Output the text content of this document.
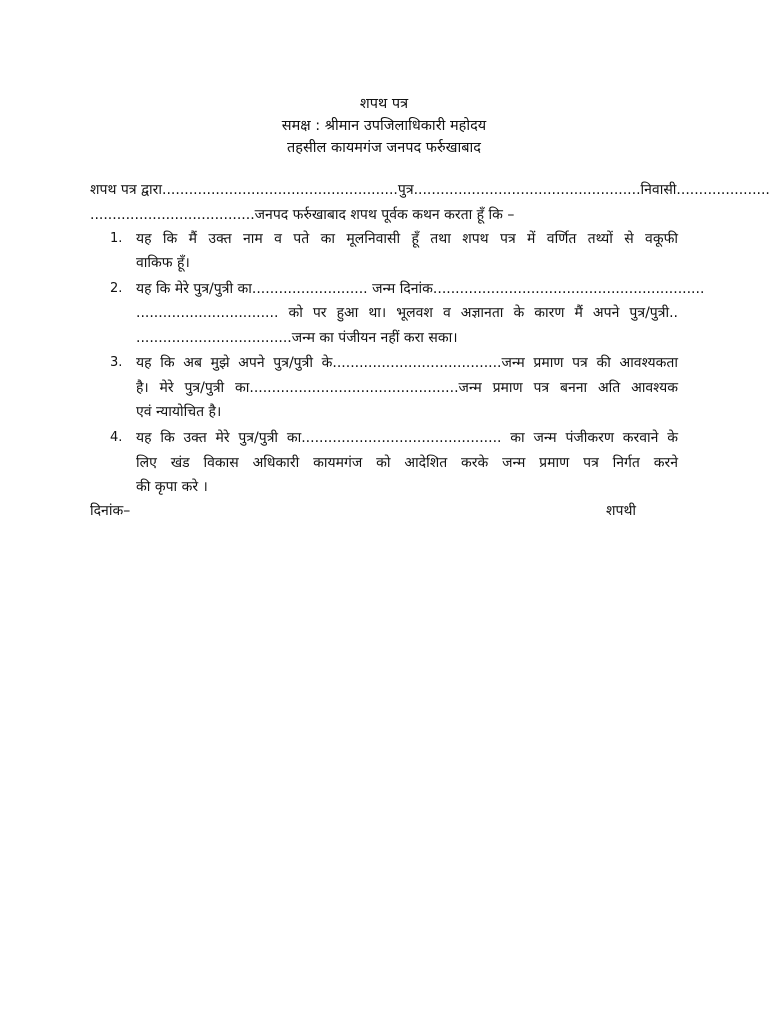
शपथ पत्र
समक्ष : श्रीमान उपजिलाधिकारी महोदय
तहसील कायमगंज जनपद फर्रुखाबाद
शपथ पत्र द्वारा.....................................................पुत्र...................................................निवासी.....................
.....................................जनपद फर्रुखाबाद शपथ पूर्वक कथन करता हूँ कि –
1. यह कि मैं उक्त नाम व पते का मूलनिवासी हूँ तथा शपथ पत्र में वर्णित तथ्यों से वकूफी
वाकिफ हूँ।
2. यह कि मेरे पुत्र/पुत्री का.......................... जन्म दिनांक.............................................................
................................ को पर हुआ था। भूलवश व अज्ञानता के कारण मैं अपने पुत्र/पुत्री..
...................................जन्म का पंजीयन नहीं करा सका।
3. यह कि अब मुझे अपने पुत्र/पुत्री के......................................जन्म प्रमाण पत्र की आवश्यकता
है। मेरे पुत्र/पुत्री का...............................................जन्म प्रमाण पत्र बनना अति आवश्यक
एवं न्यायोचित है।
4. यह कि उक्त मेरे पुत्र/पुत्री का............................................. का जन्म पंजीकरण करवाने के
लिए खंड विकास अधिकारी कायमगंज को आदेशित करके जन्म प्रमाण पत्र निर्गत करने
की कृपा करे ।
दिनांक–	शपथी
